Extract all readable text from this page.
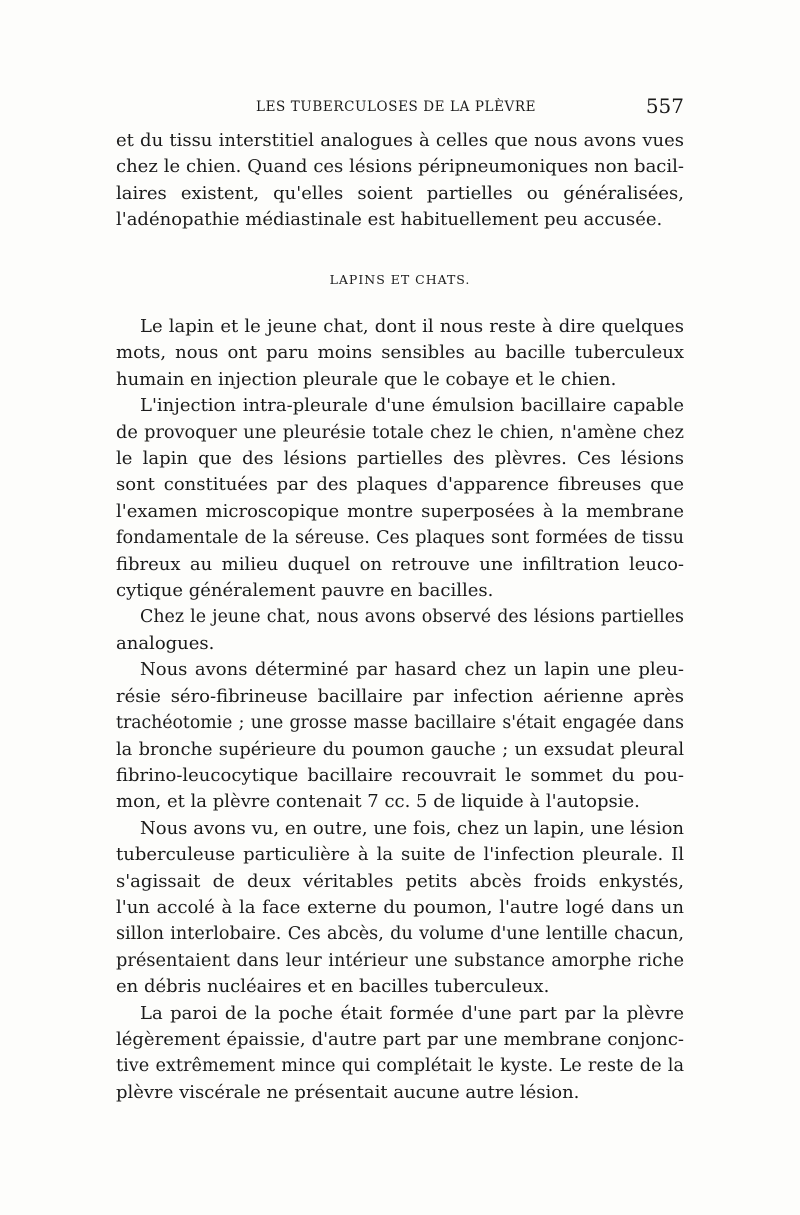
LES TUBERCULOSES DE LA PLÈVRE	557
et du tissu interstitiel analogues à celles que nous avons vues
chez le chien. Quand ces lésions péripneumoniques non bacil-
laires existent, qu'elles soient partielles ou généralisées,
l'adénopathie médiastinale est habituellement peu accusée.
LAPINS ET CHATS.
Le lapin et le jeune chat, dont il nous reste à dire quelques
mots, nous ont paru moins sensibles au bacille tuberculeux
humain en injection pleurale que le cobaye et le chien.
L'injection intra-pleurale d'une émulsion bacillaire capable
de provoquer une pleurésie totale chez le chien, n'amène chez
le lapin que des lésions partielles des plèvres. Ces lésions
sont constituées par des plaques d'apparence fibreuses que
l'examen microscopique montre superposées à la membrane
fondamentale de la séreuse. Ces plaques sont formées de tissu
fibreux au milieu duquel on retrouve une infiltration leuco-
cytique généralement pauvre en bacilles.
Chez le jeune chat, nous avons observé des lésions partielles
analogues.
Nous avons déterminé par hasard chez un lapin une pleu-
résie séro-fibrineuse bacillaire par infection aérienne après
trachéotomie ; une grosse masse bacillaire s'était engagée dans
la bronche supérieure du poumon gauche ; un exsudat pleural
fibrino-leucocytique bacillaire recouvrait le sommet du pou-
mon, et la plèvre contenait 7 cc. 5 de liquide à l'autopsie.
Nous avons vu, en outre, une fois, chez un lapin, une lésion
tuberculeuse particulière à la suite de l'infection pleurale. Il
s'agissait de deux véritables petits abcès froids enkystés,
l'un accolé à la face externe du poumon, l'autre logé dans un
sillon interlobaire. Ces abcès, du volume d'une lentille chacun,
présentaient dans leur intérieur une substance amorphe riche
en débris nucléaires et en bacilles tuberculeux.
La paroi de la poche était formée d'une part par la plèvre
légèrement épaissie, d'autre part par une membrane conjonc-
tive extrêmement mince qui complétait le kyste. Le reste de la
plèvre viscérale ne présentait aucune autre lésion.
